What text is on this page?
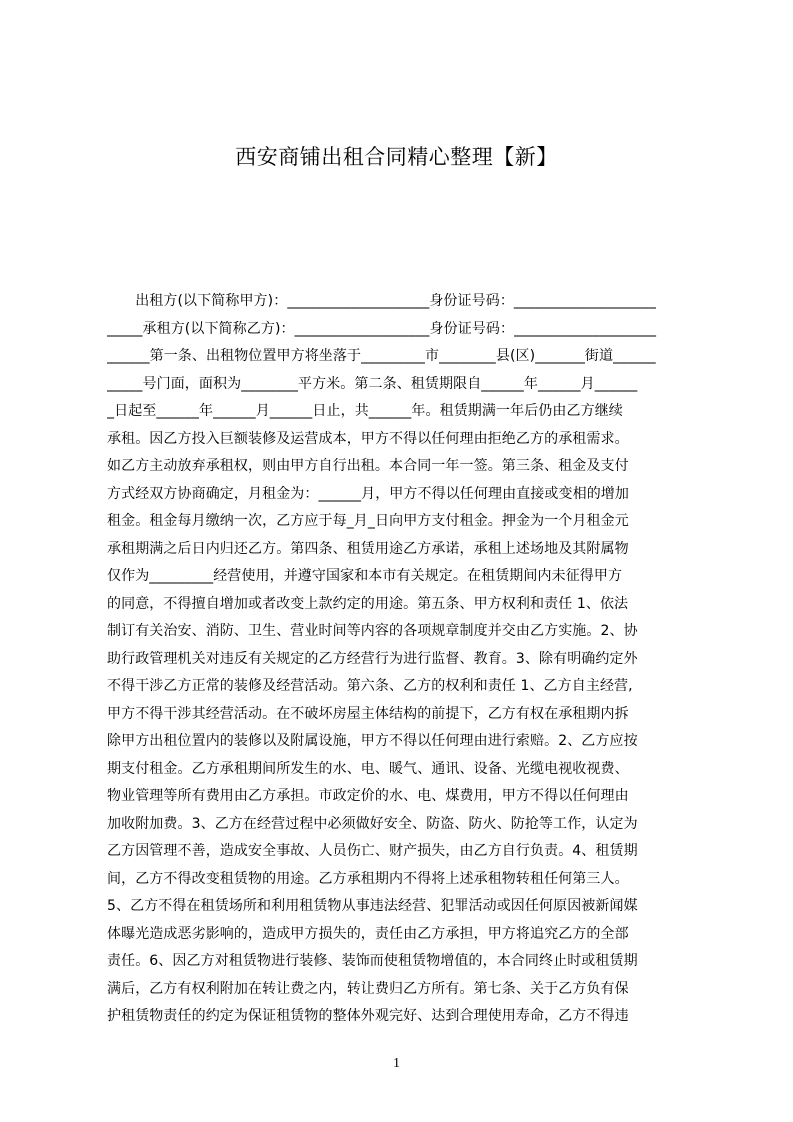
西安商铺出租合同精心整理【新】
　　出租方(以下简称甲方)：____________________身份证号码：____________________
_____承租方(以下简称乙方)：___________________身份证号码：____________________
______第一条、出租物位置甲方将坐落于_________市________县(区)_______街道______
_____号门面，面积为________平方米。第二条、租赁期限自______年______月______
_日起至______年______月______日止，共______年。租赁期满一年后仍由乙方继续
承租。因乙方投入巨额装修及运营成本，甲方不得以任何理由拒绝乙方的承租需求。
如乙方主动放弃承租权，则由甲方自行出租。本合同一年一签。第三条、租金及支付
方式经双方协商确定，月租金为：______月，甲方不得以任何理由直接或变相的增加
租金。租金每月缴纳一次，乙方应于每_月_日向甲方支付租金。押金为一个月租金元
承租期满之后日内归还乙方。第四条、租赁用途乙方承诺，承租上述场地及其附属物
仅作为_________经营使用，并遵守国家和本市有关规定。在租赁期间内未征得甲方
的同意，不得擅自增加或者改变上款约定的用途。第五条、甲方权利和责任 1、依法
制订有关治安、消防、卫生、营业时间等内容的各项规章制度并交由乙方实施。2、协
助行政管理机关对违反有关规定的乙方经营行为进行监督、教育。3、除有明确约定外
不得干涉乙方正常的装修及经营活动。第六条、乙方的权利和责任 1、乙方自主经营,
甲方不得干涉其经营活动。在不破坏房屋主体结构的前提下，乙方有权在承租期内拆
除甲方出租位置内的装修以及附属设施，甲方不得以任何理由进行索赔。2、乙方应按
期支付租金。乙方承租期间所发生的水、电、暖气、通讯、设备、光缆电视收视费、
物业管理等所有费用由乙方承担。市政定价的水、电、煤费用，甲方不得以任何理由
加收附加费。3、乙方在经营过程中必须做好安全、防盗、防火、防抢等工作，认定为
乙方因管理不善，造成安全事故、人员伤亡、财产损失，由乙方自行负责。4、租赁期
间，乙方不得改变租赁物的用途。乙方承租期内不得将上述承租物转租任何第三人。
5、乙方不得在租赁场所和利用租赁物从事违法经营、犯罪活动或因任何原因被新闻媒
体曝光造成恶劣影响的，造成甲方损失的，责任由乙方承担，甲方将追究乙方的全部
责任。6、因乙方对租赁物进行装修、装饰而使租赁物增值的，本合同终止时或租赁期
满后，乙方有权利附加在转让费之内，转让费归乙方所有。第七条、关于乙方负有保
护租赁物责任的约定为保证租赁物的整体外观完好、达到合理使用寿命，乙方不得违
1
